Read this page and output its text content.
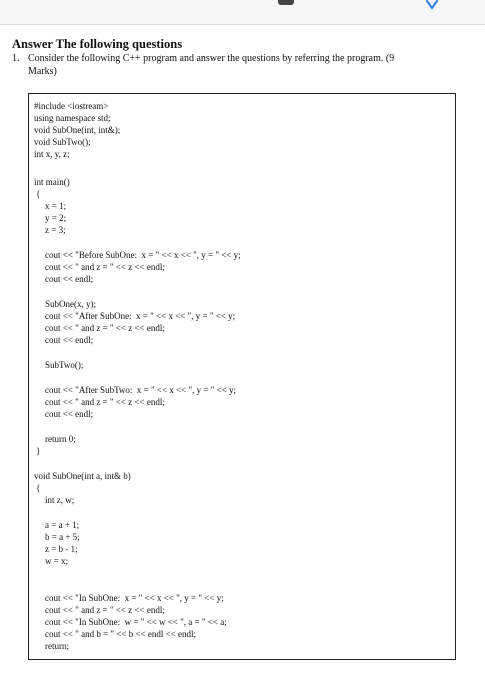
Answer The following questions
1. Consider the following C++ program and answer the questions by referring the program. (9
Marks)
#include <iostream>
using namespace std;
void SubOne(int, int&);
void SubTwo();
int x, y, z;
int main()
{
x = 1;
y = 2;
z = 3;
cout << "Before SubOne:  x = " << x << ", y = " << y;
cout << " and z = " << z << endl;
cout << endl;
SubOne(x, y);
cout << "After SubOne:  x = " << x << ", y = " << y;
cout << " and z = " << z << endl;
cout << endl;
SubTwo();
cout << "After SubTwo:  x = " << x << ", y = " << y;
cout << " and z = " << z << endl;
cout << endl;
return 0;
}
void SubOne(int a, int& b)
{
int z, w;
a = a + 1;
b = a + 5;
z = b - 1;
w = x;
cout << "In SubOne:  x = " << x << ", y = " << y;
cout << " and z = " << z << endl;
cout << "In SubOne:  w = " << w << ", a = " << a;
cout << " and b = " << b << endl << endl;
return;
